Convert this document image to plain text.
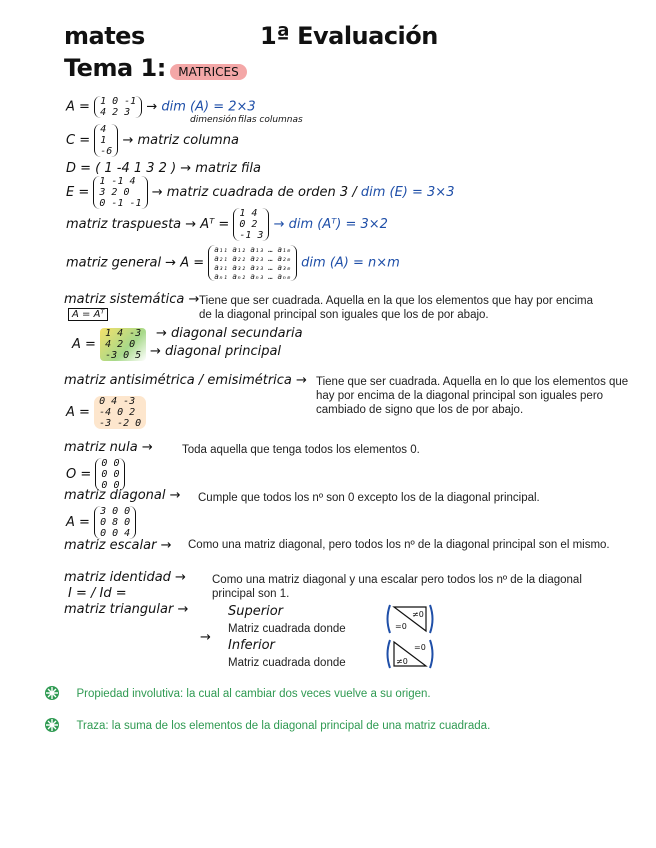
mates	1ª Evaluación
Tema 1: MATRICES
A = 1 0 -1
4 2 3	→ dim (A) = 2×3
dimensión filas columnas
C =
4
1
-6
→ matriz columna
D = ( 1 -4 1 3 2 ) → matriz fila
E =
1 -1 4
3 2 0
0 -1 -1
→ matriz cuadrada de orden 3 / dim (E) = 3×3
matriz traspuesta → Aᵀ =
1 4
0 2
-1 3
→ dim (Aᵀ) = 3×2
matriz general → A =
a₁₁ a₁₂ a₁₃ … a₁ₘ
a₂₁ a₂₂ a₂₃ … a₂ₘ
a₃₁ a₃₂ a₃₃ … a₃ₘ
aₙ₁ aₙ₂ aₙ₃ … aₙₘ
dim (A) = n×m
matriz sistemática →
A = Aᵀ
Tiene que ser cuadrada. Aquella en la que los elementos que hay por encima de la diagonal principal son iguales que los de por abajo.
A =
1 4 -3
4 2 0
-3 0 5
→ diagonal secundaria
→ diagonal principal
matriz antisimétrica / emisimétrica → Tiene que ser cuadrada. Aquella en lo que los elementos que hay por encima de la diagonal principal son iguales pero cambiado de signo que los de por abajo.
A =
0 4 -3
-4 0 2
-3 -2 0
matriz nula →	Toda aquella que tenga todos los elementos 0.
O =
0 0
0 0
0 0
matriz diagonal → Cumple que todos los nº son 0 excepto los de la diagonal principal.
A =
3 0 0
0 8 0
0 0 4
matriz escalar → Como una matriz diagonal, pero todos los nº de la diagonal principal son el mismo.
matriz identidad →
I = / Id =
Como una matriz diagonal y una escalar pero todos los nº de la diagonal principal son 1.
matriz triangular →	Superior
Matriz cuadrada donde
≠0
=0
→
Inferior
Matriz cuadrada donde	≠0
=0
Propiedad involutiva: la cual al cambiar dos veces vuelve a su origen.
Traza: la suma de los elementos de la diagonal principal de una matriz cuadrada.
